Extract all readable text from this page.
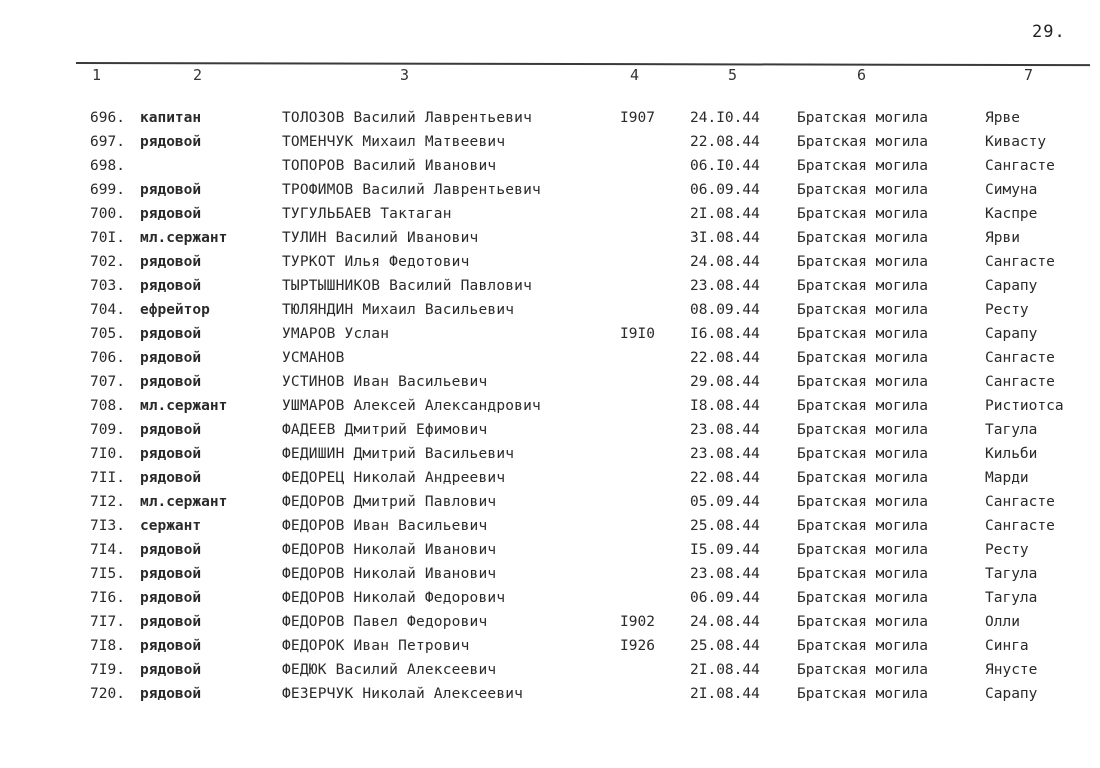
29.
1	2	3	4	5	6	7
696. капитан	ТОЛОЗОВ Василий Лаврентьевич	I907 24.I0.44	Братская могила	Ярве
697. рядовой	ТОМЕНЧУК Михаил Матвеевич	22.08.44	Братская могила	Кивасту
698.	ТОПОРОВ Василий Иванович	06.I0.44	Братская могила	Сангасте
699. рядовой	ТРОФИМОВ Василий Лаврентьевич	06.09.44	Братская могила	Симуна
700. рядовой	ТУГУЛЬБАЕВ Тактаган	2I.08.44	Братская могила	Каспре
70I. мл.сержант	ТУЛИН Василий Иванович	3I.08.44	Братская могила	Ярви
702. рядовой	ТУРКОТ Илья Федотович	24.08.44	Братская могила	Сангасте
703. рядовой	ТЫРТЫШНИКОВ Василий Павлович	23.08.44	Братская могила	Сарапу
704. ефрейтор	ТЮЛЯНДИН Михаил Васильевич	08.09.44	Братская могила	Ресту
705. рядовой	УМАРОВ Услан	I9I0 I6.08.44	Братская могила	Сарапу
706. рядовой	УСМАНОВ	22.08.44	Братская могила	Сангасте
707. рядовой	УСТИНОВ Иван Васильевич	29.08.44	Братская могила	Сангасте
708. мл.сержант	УШМАРОВ Алексей Александрович	I8.08.44	Братская могила	Ристиотса
709. рядовой	ФАДЕЕВ Дмитрий Ефимович	23.08.44	Братская могила	Тагула
7I0. рядовой	ФЕДИШИН Дмитрий Васильевич	23.08.44	Братская могила	Кильби
7II. рядовой	ФЕДОРЕЦ Николай Андреевич	22.08.44	Братская могила	Марди
7I2. мл.сержант	ФЕДОРОВ Дмитрий Павлович	05.09.44	Братская могила	Сангасте
7I3. сержант	ФЕДОРОВ Иван Васильевич	25.08.44	Братская могила	Сангасте
7I4. рядовой	ФЕДОРОВ Николай Иванович	I5.09.44	Братская могила	Ресту
7I5. рядовой	ФЕДОРОВ Николай Иванович	23.08.44	Братская могила	Тагула
7I6. рядовой	ФЕДОРОВ Николай Федорович	06.09.44	Братская могила	Тагула
7I7. рядовой	ФЕДОРОВ Павел Федорович	I902 24.08.44	Братская могила	Олли
7I8. рядовой	ФЕДОРОК Иван Петрович	I926 25.08.44	Братская могила	Синга
7I9. рядовой	ФЕДЮК Василий Алексеевич	2I.08.44	Братская могила	Янусте
720. рядовой	ФЕЗЕРЧУК Николай Алексеевич	2I.08.44	Братская могила	Сарапу
